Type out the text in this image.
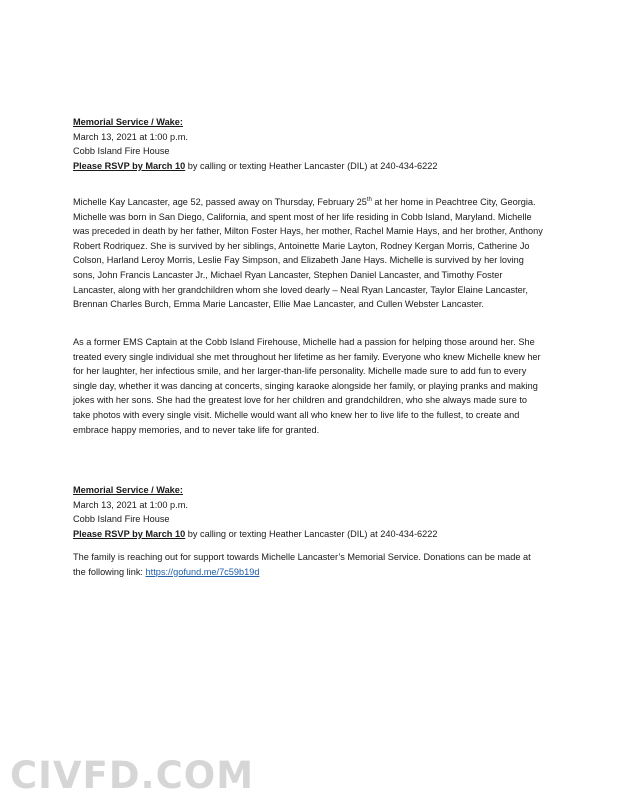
Memorial Service / Wake:
March 13, 2021 at 1:00 p.m.
Cobb Island Fire House
Please RSVP by March 10 by calling or texting Heather Lancaster (DIL) at 240-434-6222

Michelle Kay Lancaster, age 52, passed away on Thursday, February 25th at her home in Peachtree City, Georgia. Michelle was born in San Diego, California, and spent most of her life residing in Cobb Island, Maryland. Michelle was preceded in death by her father, Milton Foster Hays, her mother, Rachel Mamie Hays, and her brother, Anthony Robert Rodriquez. She is survived by her siblings, Antoinette Marie Layton, Rodney Kergan Morris, Catherine Jo Colson, Harland Leroy Morris, Leslie Fay Simpson, and Elizabeth Jane Hays. Michelle is survived by her loving sons, John Francis Lancaster Jr., Michael Ryan Lancaster, Stephen Daniel Lancaster, and Timothy Foster Lancaster, along with her grandchildren whom she loved dearly – Neal Ryan Lancaster, Taylor Elaine Lancaster, Brennan Charles Burch, Emma Marie Lancaster, Ellie Mae Lancaster, and Cullen Webster Lancaster.

As a former EMS Captain at the Cobb Island Firehouse, Michelle had a passion for helping those around her. She treated every single individual she met throughout her lifetime as her family. Everyone who knew Michelle knew her for her laughter, her infectious smile, and her larger-than-life personality. Michelle made sure to add fun to every single day, whether it was dancing at concerts, singing karaoke alongside her family, or playing pranks and making jokes with her sons. She had the greatest love for her children and grandchildren, who she always made sure to take photos with every single visit. Michelle would want all who knew her to live life to the fullest, to create and embrace happy memories, and to never take life for granted.

Memorial Service / Wake:
March 13, 2021 at 1:00 p.m.
Cobb Island Fire House
Please RSVP by March 10 by calling or texting Heather Lancaster (DIL) at 240-434-6222

The family is reaching out for support towards Michelle Lancaster’s Memorial Service. Donations can be made at the following link: https://gofund.me/7c59b19d

CIVFD.COM
